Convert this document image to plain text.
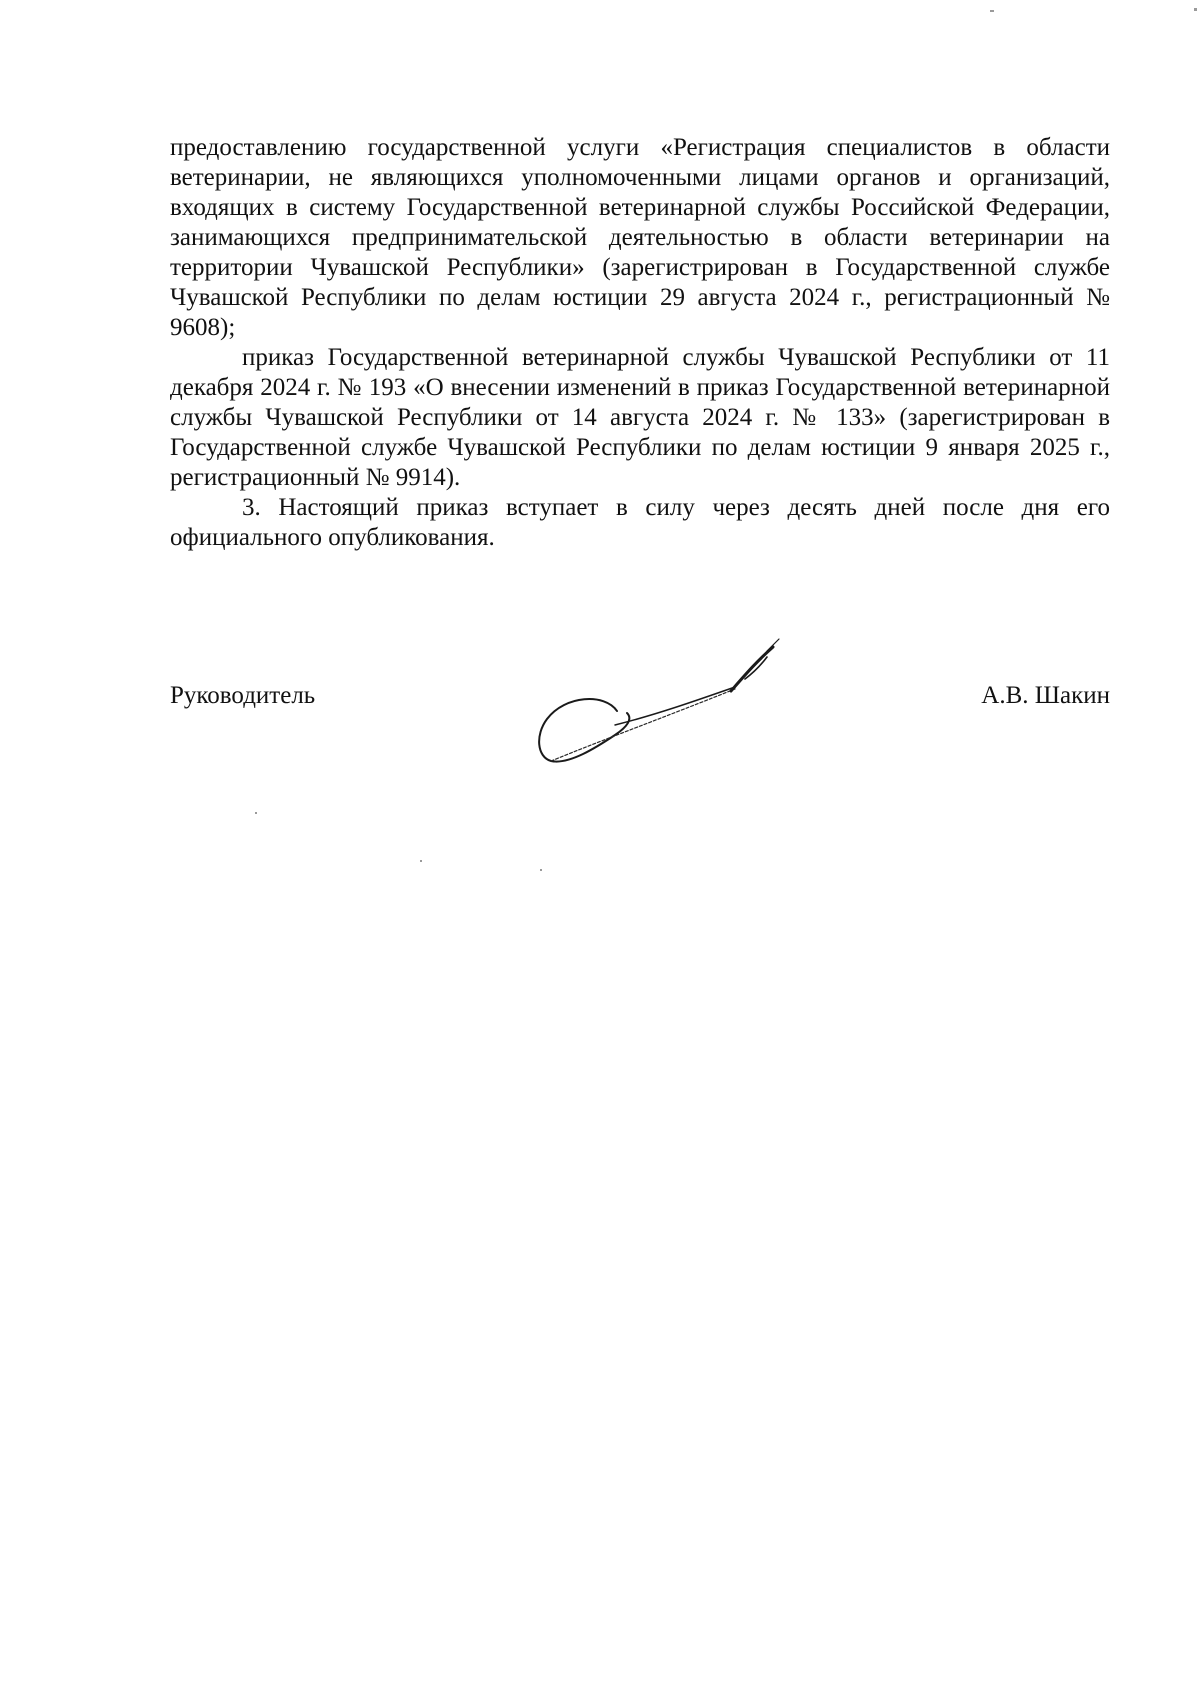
предоставлению государственной услуги «Регистрация специалистов в области ветеринарии, не являющихся уполномоченными лицами органов и организаций, входящих в систему Государственной ветеринарной службы Российской Федерации, занимающихся предпринимательской деятельностью в области ветеринарии на территории Чувашской Республики» (зарегистрирован в Государственной службе Чувашской Республики по делам юстиции 29 августа 2024 г., регистрационный № 9608);

приказ Государственной ветеринарной службы Чувашской Республики от 11 декабря 2024 г. № 193 «О внесении изменений в приказ Государственной ветеринарной службы Чувашской Республики от 14 августа 2024 г. № 133» (зарегистрирован в Государственной службе Чувашской Республики по делам юстиции 9 января 2025 г., регистрационный № 9914).

3. Настоящий приказ вступает в силу через десять дней после дня его официального опубликования.

Руководитель	А.В. Шакин
